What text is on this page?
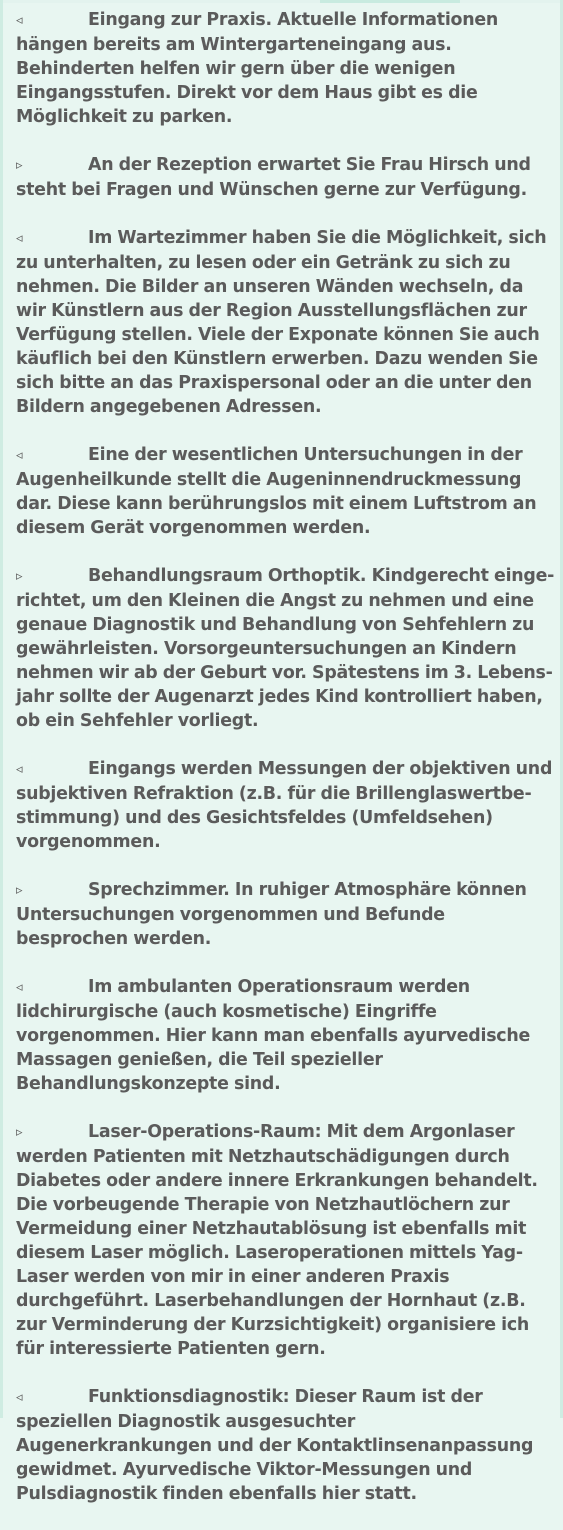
◃	Eingang zur Praxis. Aktuelle Informationen hängen bereits am Wintergarteneingang aus. Behinderten helfen wir gern über die wenigen Eingangsstufen. Direkt vor dem Haus gibt es die Möglichkeit zu parken.

▹	An der Rezeption erwartet Sie Frau Hirsch und steht bei Fragen und Wünschen gerne zur Verfügung.

◃	Im Wartezimmer haben Sie die Möglichkeit, sich zu unterhalten, zu lesen oder ein Getränk zu sich zu nehmen. Die Bilder an unseren Wänden wechseln, da wir Künstlern aus der Region Ausstellungsflächen zur Verfügung stellen. Viele der Exponate können Sie auch käuflich bei den Künstlern erwerben. Dazu wenden Sie sich bitte an das Praxispersonal oder an die unter den Bildern angegebenen Adressen.

◃	Eine der wesentlichen Untersuchungen in der Augenheilkunde stellt die Augeninnendruckmessung dar. Diese kann berührungslos mit einem Luftstrom an diesem Gerät vorgenommen werden.

▹	Behandlungsraum Orthoptik. Kindgerecht eingerichtet, um den Kleinen die Angst zu nehmen und eine genaue Diagnostik und Behandlung von Sehfehlern zu gewährleisten. Vorsorgeuntersuchungen an Kindern nehmen wir ab der Geburt vor. Spätestens im 3. Lebensjahr sollte der Augenarzt jedes Kind kontrolliert haben, ob ein Sehfehler vorliegt.

◃	Eingangs werden Messungen der objektiven und subjektiven Refraktion (z.B. für die Brillenglaswertbestimmung) und des Gesichtsfeldes (Umfeldsehen) vorgenommen.

▹	Sprechzimmer. In ruhiger Atmosphäre können Untersuchungen vorgenommen und Befunde besprochen werden.

◃	Im ambulanten Operationsraum werden lidchirurgische (auch kosmetische) Eingriffe vorgenommen. Hier kann man ebenfalls ayurvedische Massagen genießen, die Teil spezieller Behandlungskonzepte sind.

▹	Laser-Operations-Raum: Mit dem Argonlaser werden Patienten mit Netzhautschädigungen durch Diabetes oder andere innere Erkrankungen behandelt. Die vorbeugende Therapie von Netzhautlöchern zur Vermeidung einer Netzhautablösung ist ebenfalls mit diesem Laser möglich. Laseroperationen mittels Yag-Laser werden von mir in einer anderen Praxis durchgeführt. Laserbehandlungen der Hornhaut (z.B. zur Verminderung der Kurzsichtigkeit) organisiere ich für interessierte Patienten gern.

◃	Funktionsdiagnostik: Dieser Raum ist der speziellen Diagnostik ausgesuchter Augenerkrankungen und der Kontaktlinsenanpassung gewidmet. Ayurvedische Viktor-Messungen und Pulsdiagnostik finden ebenfalls hier statt.
